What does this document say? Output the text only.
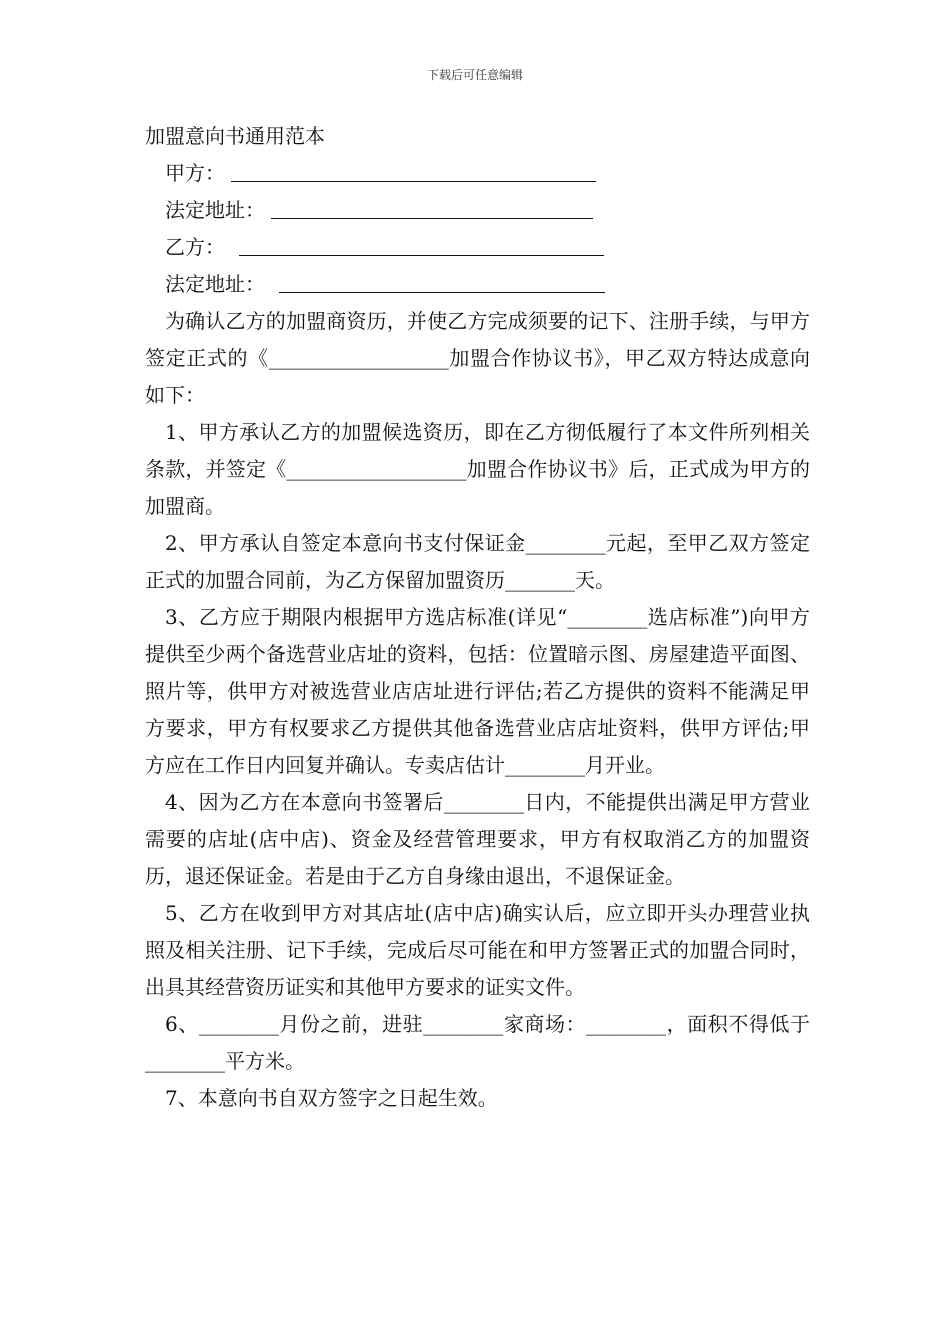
下载后可任意编辑

加盟意向书通用范本

甲方：
法定地址：
乙方：
法定地址：

为确认乙方的加盟商资历，并使乙方完成须要的记下、注册手续，与甲方签定正式的《__________________加盟合作协议书》，甲乙双方特达成意向如下：

1、甲方承认乙方的加盟候选资历，即在乙方彻低履行了本文件所列相关条款，并签定《__________________加盟合作协议书》后，正式成为甲方的加盟商。

2、甲方承认自签定本意向书支付保证金________元起，至甲乙双方签定正式的加盟合同前，为乙方保留加盟资历_______天。

3、乙方应于期限内根据甲方选店标准(详见“________选店标准”)向甲方提供至少两个备选营业店址的资料，包括：位置暗示图、房屋建造平面图、照片等，供甲方对被选营业店店址进行评估;若乙方提供的资料不能满足甲方要求，甲方有权要求乙方提供其他备选营业店店址资料，供甲方评估;甲方应在工作日内回复并确认。专卖店估计________月开业。

4、因为乙方在本意向书签署后________日内，不能提供出满足甲方营业需要的店址(店中店)、资金及经营管理要求，甲方有权取消乙方的加盟资历，退还保证金。若是由于乙方自身缘由退出，不退保证金。

5、乙方在收到甲方对其店址(店中店)确实认后，应立即开头办理营业执照及相关注册、记下手续，完成后尽可能在和甲方签署正式的加盟合同时，出具其经营资历证实和其他甲方要求的证实文件。

6、________月份之前，进驻________家商场：________，面积不得低于________平方米。

7、本意向书自双方签字之日起生效。
